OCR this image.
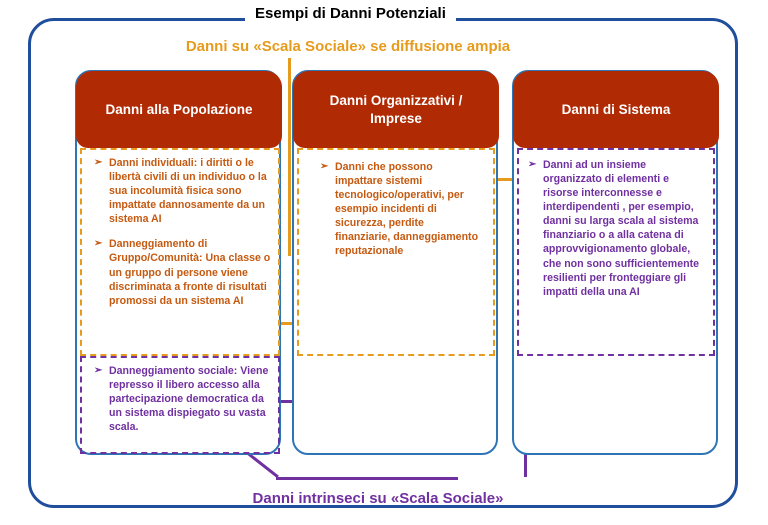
Esempi di Danni Potenziali
Danni su «Scala Sociale» se diffusione ampia
Danni intrinseci su «Scala Sociale»
Danni alla Popolazione
Danni Organizzativi / Imprese
Danni di Sistema
➢ Danni individuali: i diritti o le libertà civili di un individuo o la sua incolumità fisica sono impattate dannosamente da un sistema AI
➢ Danneggiamento di Gruppo/Comunità: Una classe o un gruppo di persone viene discriminata a fronte di risultati promossi da un sistema AI
➢ Danni che possono impattare sistemi tecnologico/operativi, per esempio incidenti di sicurezza, perdite finanziarie, danneggiamento reputazionale
➢ Danni ad un insieme organizzato di elementi e risorse interconnesse e interdipendenti , per esempio, danni su larga scala al sistema finanziario o a alla catena di approvvigionamento globale, che non sono sufficientemente resilienti per fronteggiare gli impatti della una AI
➢ Danneggiamento sociale: Viene represso il libero accesso alla partecipazione democratica da un sistema dispiegato su vasta scala.
